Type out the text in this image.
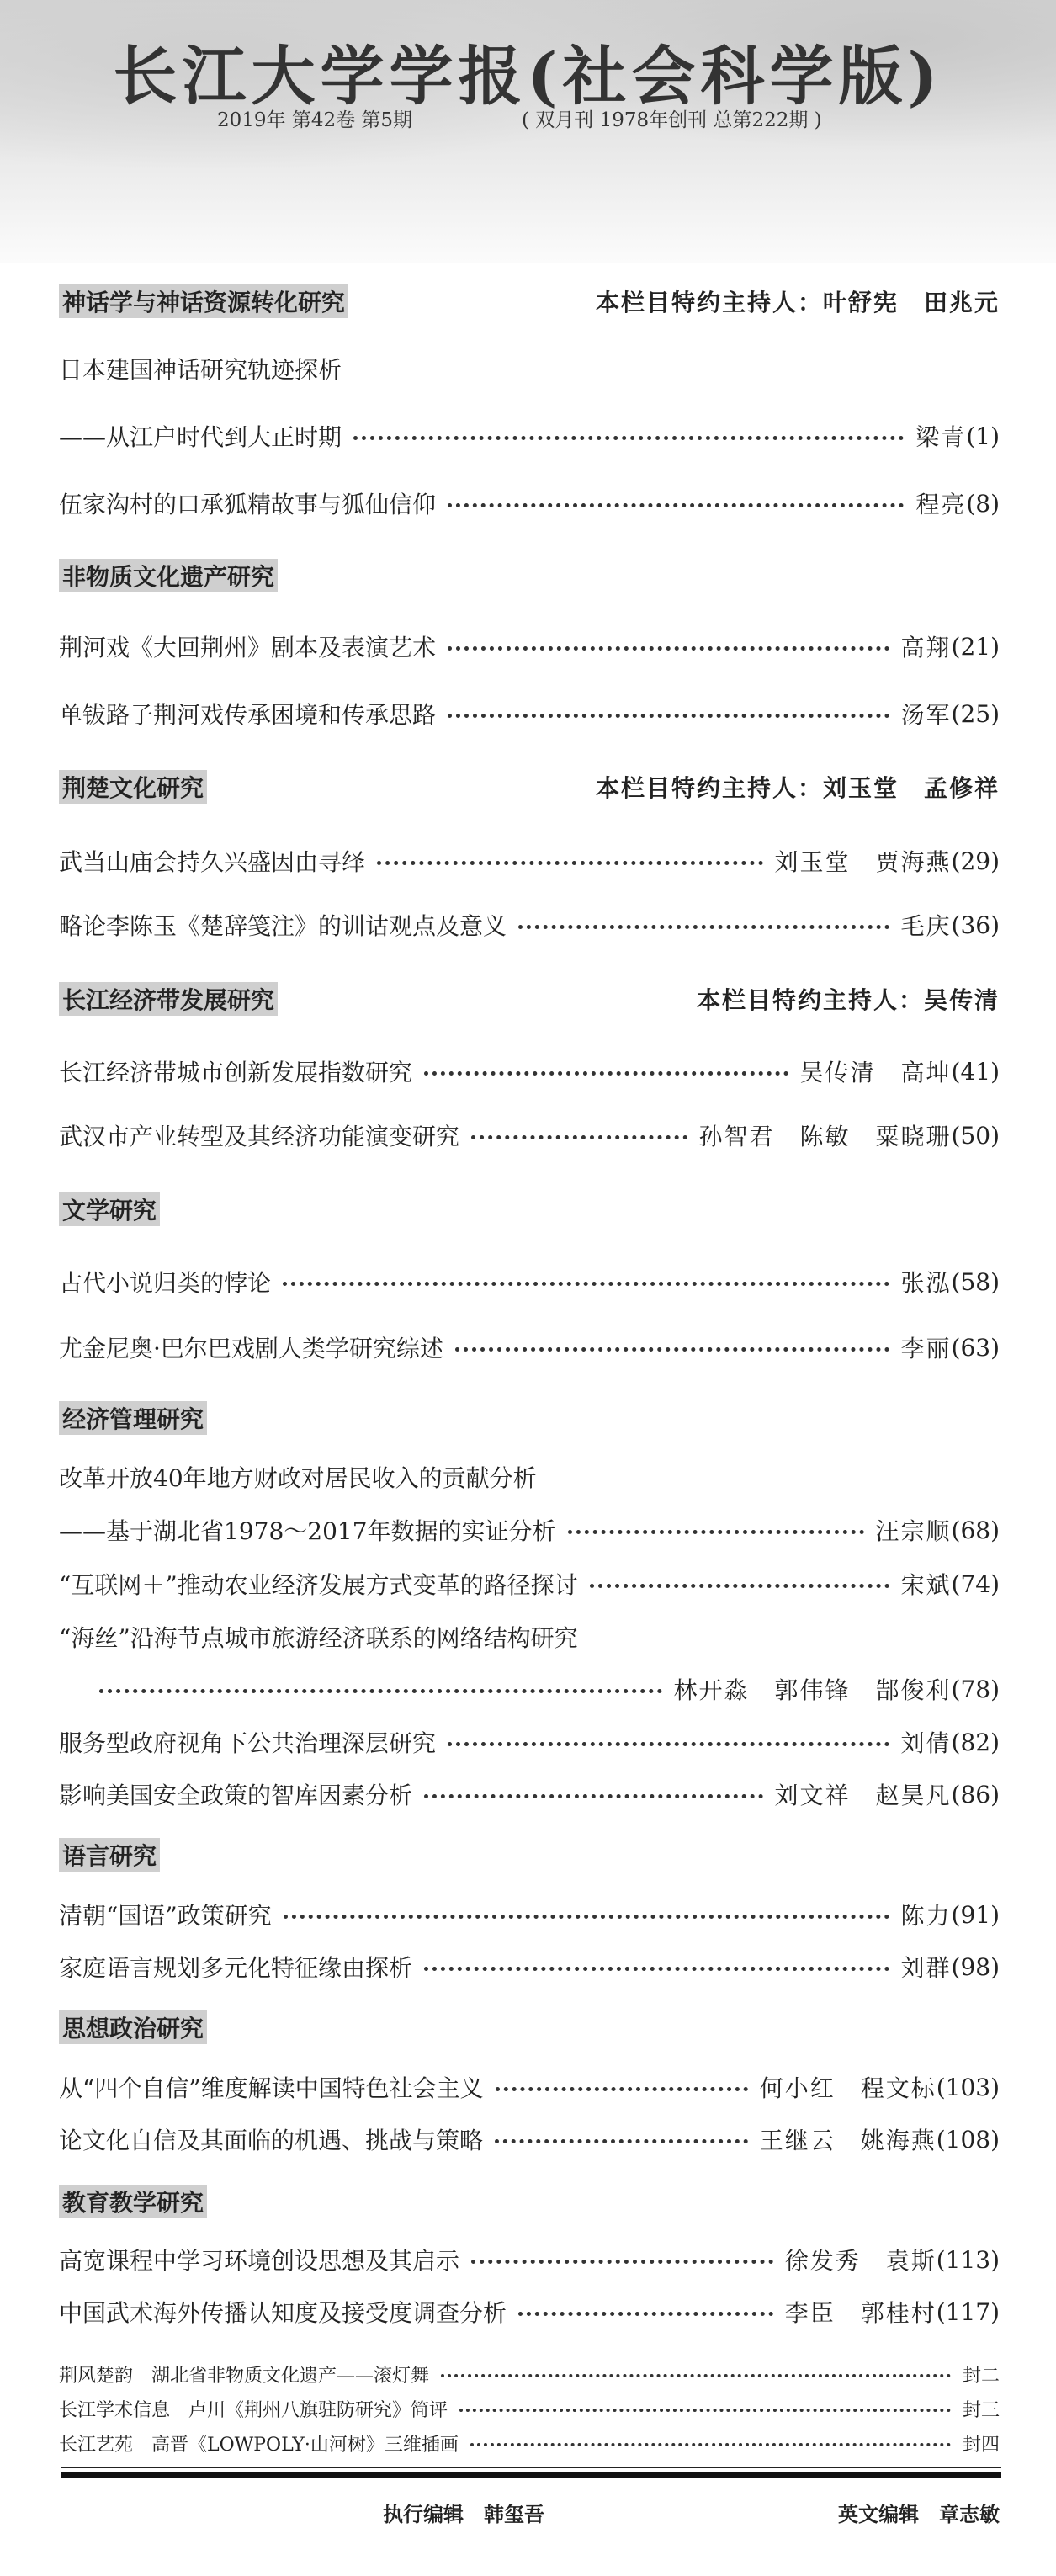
长江大学学报(社会科学版)
2019年 第42卷 第5期	( 双月刊 1978年创刊 总第222期 )
神话学与神话资源转化研究	本栏目特约主持人：叶舒宪　田兆元
日本建国神话研究轨迹探析
——从江户时代到大正时期	梁青 (1)
伍家沟村的口承狐精故事与狐仙信仰	程亮 (8)
非物质文化遗产研究
荆河戏《大回荆州》剧本及表演艺术	高翔 (21)
单钹路子荆河戏传承困境和传承思路	汤军 (25)
荆楚文化研究	本栏目特约主持人：刘玉堂　孟修祥
武当山庙会持久兴盛因由寻绎	刘玉堂　贾海燕 (29)
略论李陈玉《楚辞笺注》的训诂观点及意义	毛庆 (36)
长江经济带发展研究	本栏目特约主持人：吴传清
长江经济带城市创新发展指数研究	吴传清　高坤 (41)
武汉市产业转型及其经济功能演变研究	孙智君　陈敏　粟晓珊 (50)
文学研究
古代小说归类的悖论	张泓 (58)
尤金尼奥·巴尔巴戏剧人类学研究综述	李丽 (63)
经济管理研究
改革开放40年地方财政对居民收入的贡献分析
——基于湖北省1978～2017年数据的实证分析	汪宗顺 (68)
“互联网＋”推动农业经济发展方式变革的路径探讨	宋斌 (74)
“海丝”沿海节点城市旅游经济联系的网络结构研究
林开淼　郭伟锋　郜俊利 (78)
服务型政府视角下公共治理深层研究	刘倩 (82)
影响美国安全政策的智库因素分析	刘文祥　赵昊凡 (86)
语言研究
清朝“国语”政策研究	陈力 (91)
家庭语言规划多元化特征缘由探析	刘群 (98)
思想政治研究
从“四个自信”维度解读中国特色社会主义	何小红　程文标 (103)
论文化自信及其面临的机遇、挑战与策略	王继云　姚海燕 (108)
教育教学研究
高宽课程中学习环境创设思想及其启示	徐发秀　袁斯 (113)
中国武术海外传播认知度及接受度调查分析	李臣　郭桂村 (117)
荆风楚韵　湖北省非物质文化遗产——滚灯舞	封二
长江学术信息　卢川《荆州八旗驻防研究》简评	封三
长江艺苑　高晋《LOWPOLY·山河树》三维插画	封四
执行编辑　韩玺吾	英文编辑　章志敏
